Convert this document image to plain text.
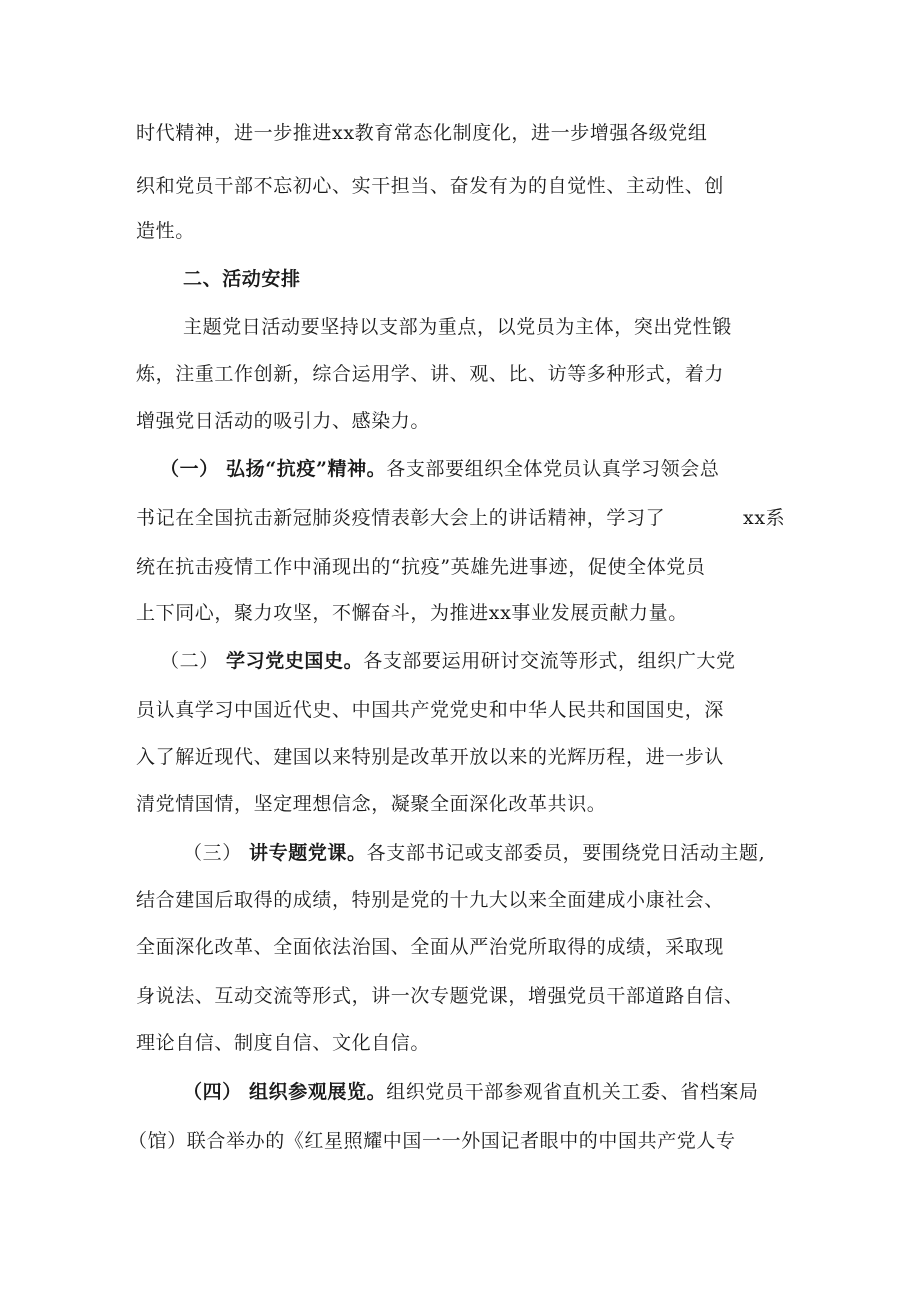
时代精神，进一步推进xx教育常态化制度化，进一步增强各级党组
织和党员干部不忘初心、实干担当、奋发有为的自觉性、主动性、创
造性。
二、活动安排
主题党日活动要坚持以支部为重点，以党员为主体，突出党性锻
炼，注重工作创新，综合运用学、讲、观、比、访等多种形式，着力
增强党日活动的吸引力、感染力。
（一） 弘扬“抗疫”精神。各支部要组织全体党员认真学习领会总
书记在全国抗击新冠肺炎疫情表彰大会上的讲话精神，学习了	xx系
统在抗击疫情工作中涌现出的“抗疫”英雄先进事迹，促使全体党员
上下同心，聚力攻坚，不懈奋斗，为推进xx事业发展贡献力量。
（二） 学习党史国史。各支部要运用研讨交流等形式，组织广大党
员认真学习中国近代史、中国共产党党史和中华人民共和国国史，深
入了解近现代、建国以来特别是改革开放以来的光辉历程，进一步认
清党情国情，坚定理想信念，凝聚全面深化改革共识。
（三） 讲专题党课。各支部书记或支部委员，要围绕党日活动主题,
结合建国后取得的成绩，特别是党的十九大以来全面建成小康社会、
全面深化改革、全面依法治国、全面从严治党所取得的成绩，采取现
身说法、互动交流等形式，讲一次专题党课，增强党员干部道路自信、
理论自信、制度自信、文化自信。
（四） 组织参观展览。组织党员干部参观省直机关工委、省档案局
（馆）联合举办的《红星照耀中国一一外国记者眼中的中国共产党人专
